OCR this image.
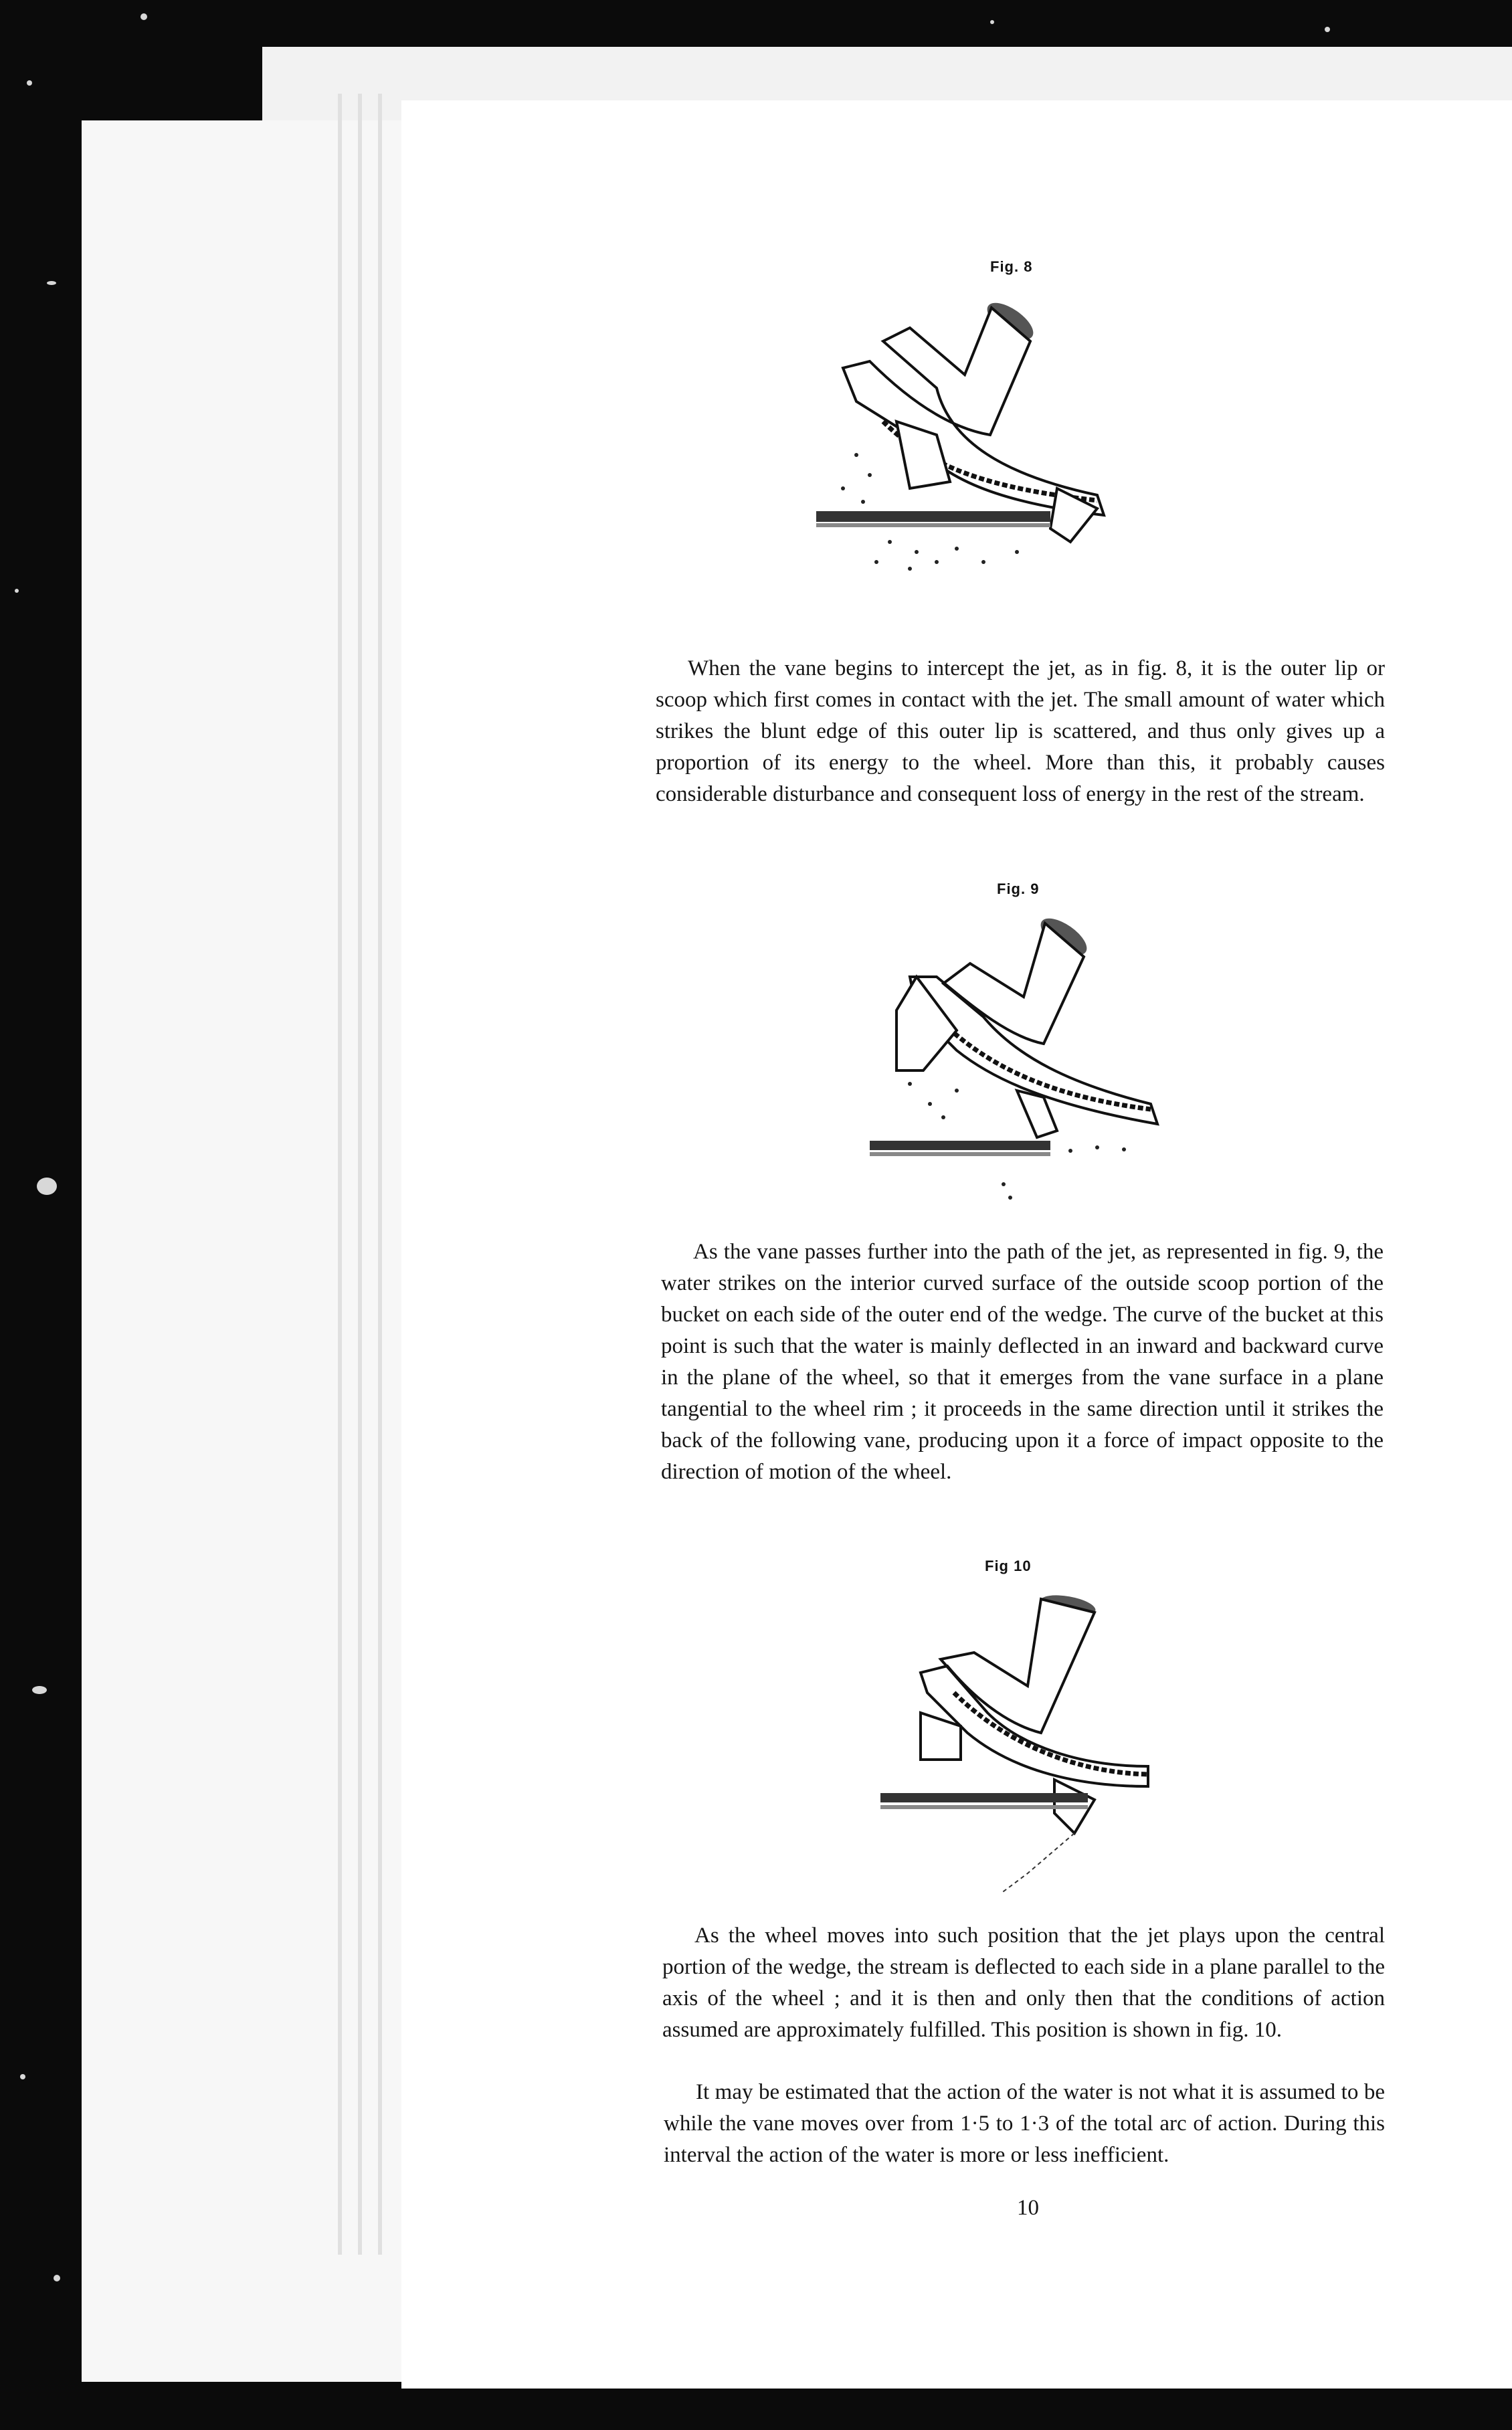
Fig. 8

When the vane begins to intercept the jet, as in fig. 8, it is the outer lip or scoop which first comes in contact with the jet. The small amount of water which strikes the blunt edge of this outer lip is scattered, and thus only gives up a proportion of its energy to the wheel. More than this, it probably causes considerable disturbance and consequent loss of energy in the rest of the stream.

Fig. 9

As the vane passes further into the path of the jet, as represented in fig. 9, the water strikes on the interior curved surface of the outside scoop portion of the bucket on each side of the outer end of the wedge. The curve of the bucket at this point is such that the water is mainly deflected in an inward and backward curve in the plane of the wheel, so that it emerges from the vane surface in a plane tangential to the wheel rim ; it proceeds in the same direction until it strikes the back of the following vane, producing upon it a force of impact opposite to the direction of motion of the wheel.

Fig 10

As the wheel moves into such position that the jet plays upon the central portion of the wedge, the stream is deflected to each side in a plane parallel to the axis of the wheel ; and it is then and only then that the conditions of action assumed are approximately fulfilled. This position is shown in fig. 10.

It may be estimated that the action of the water is not what it is assumed to be while the vane moves over from 1·5 to 1·3 of the total arc of action. During this interval the action of the water is more or less inefficient.

10
